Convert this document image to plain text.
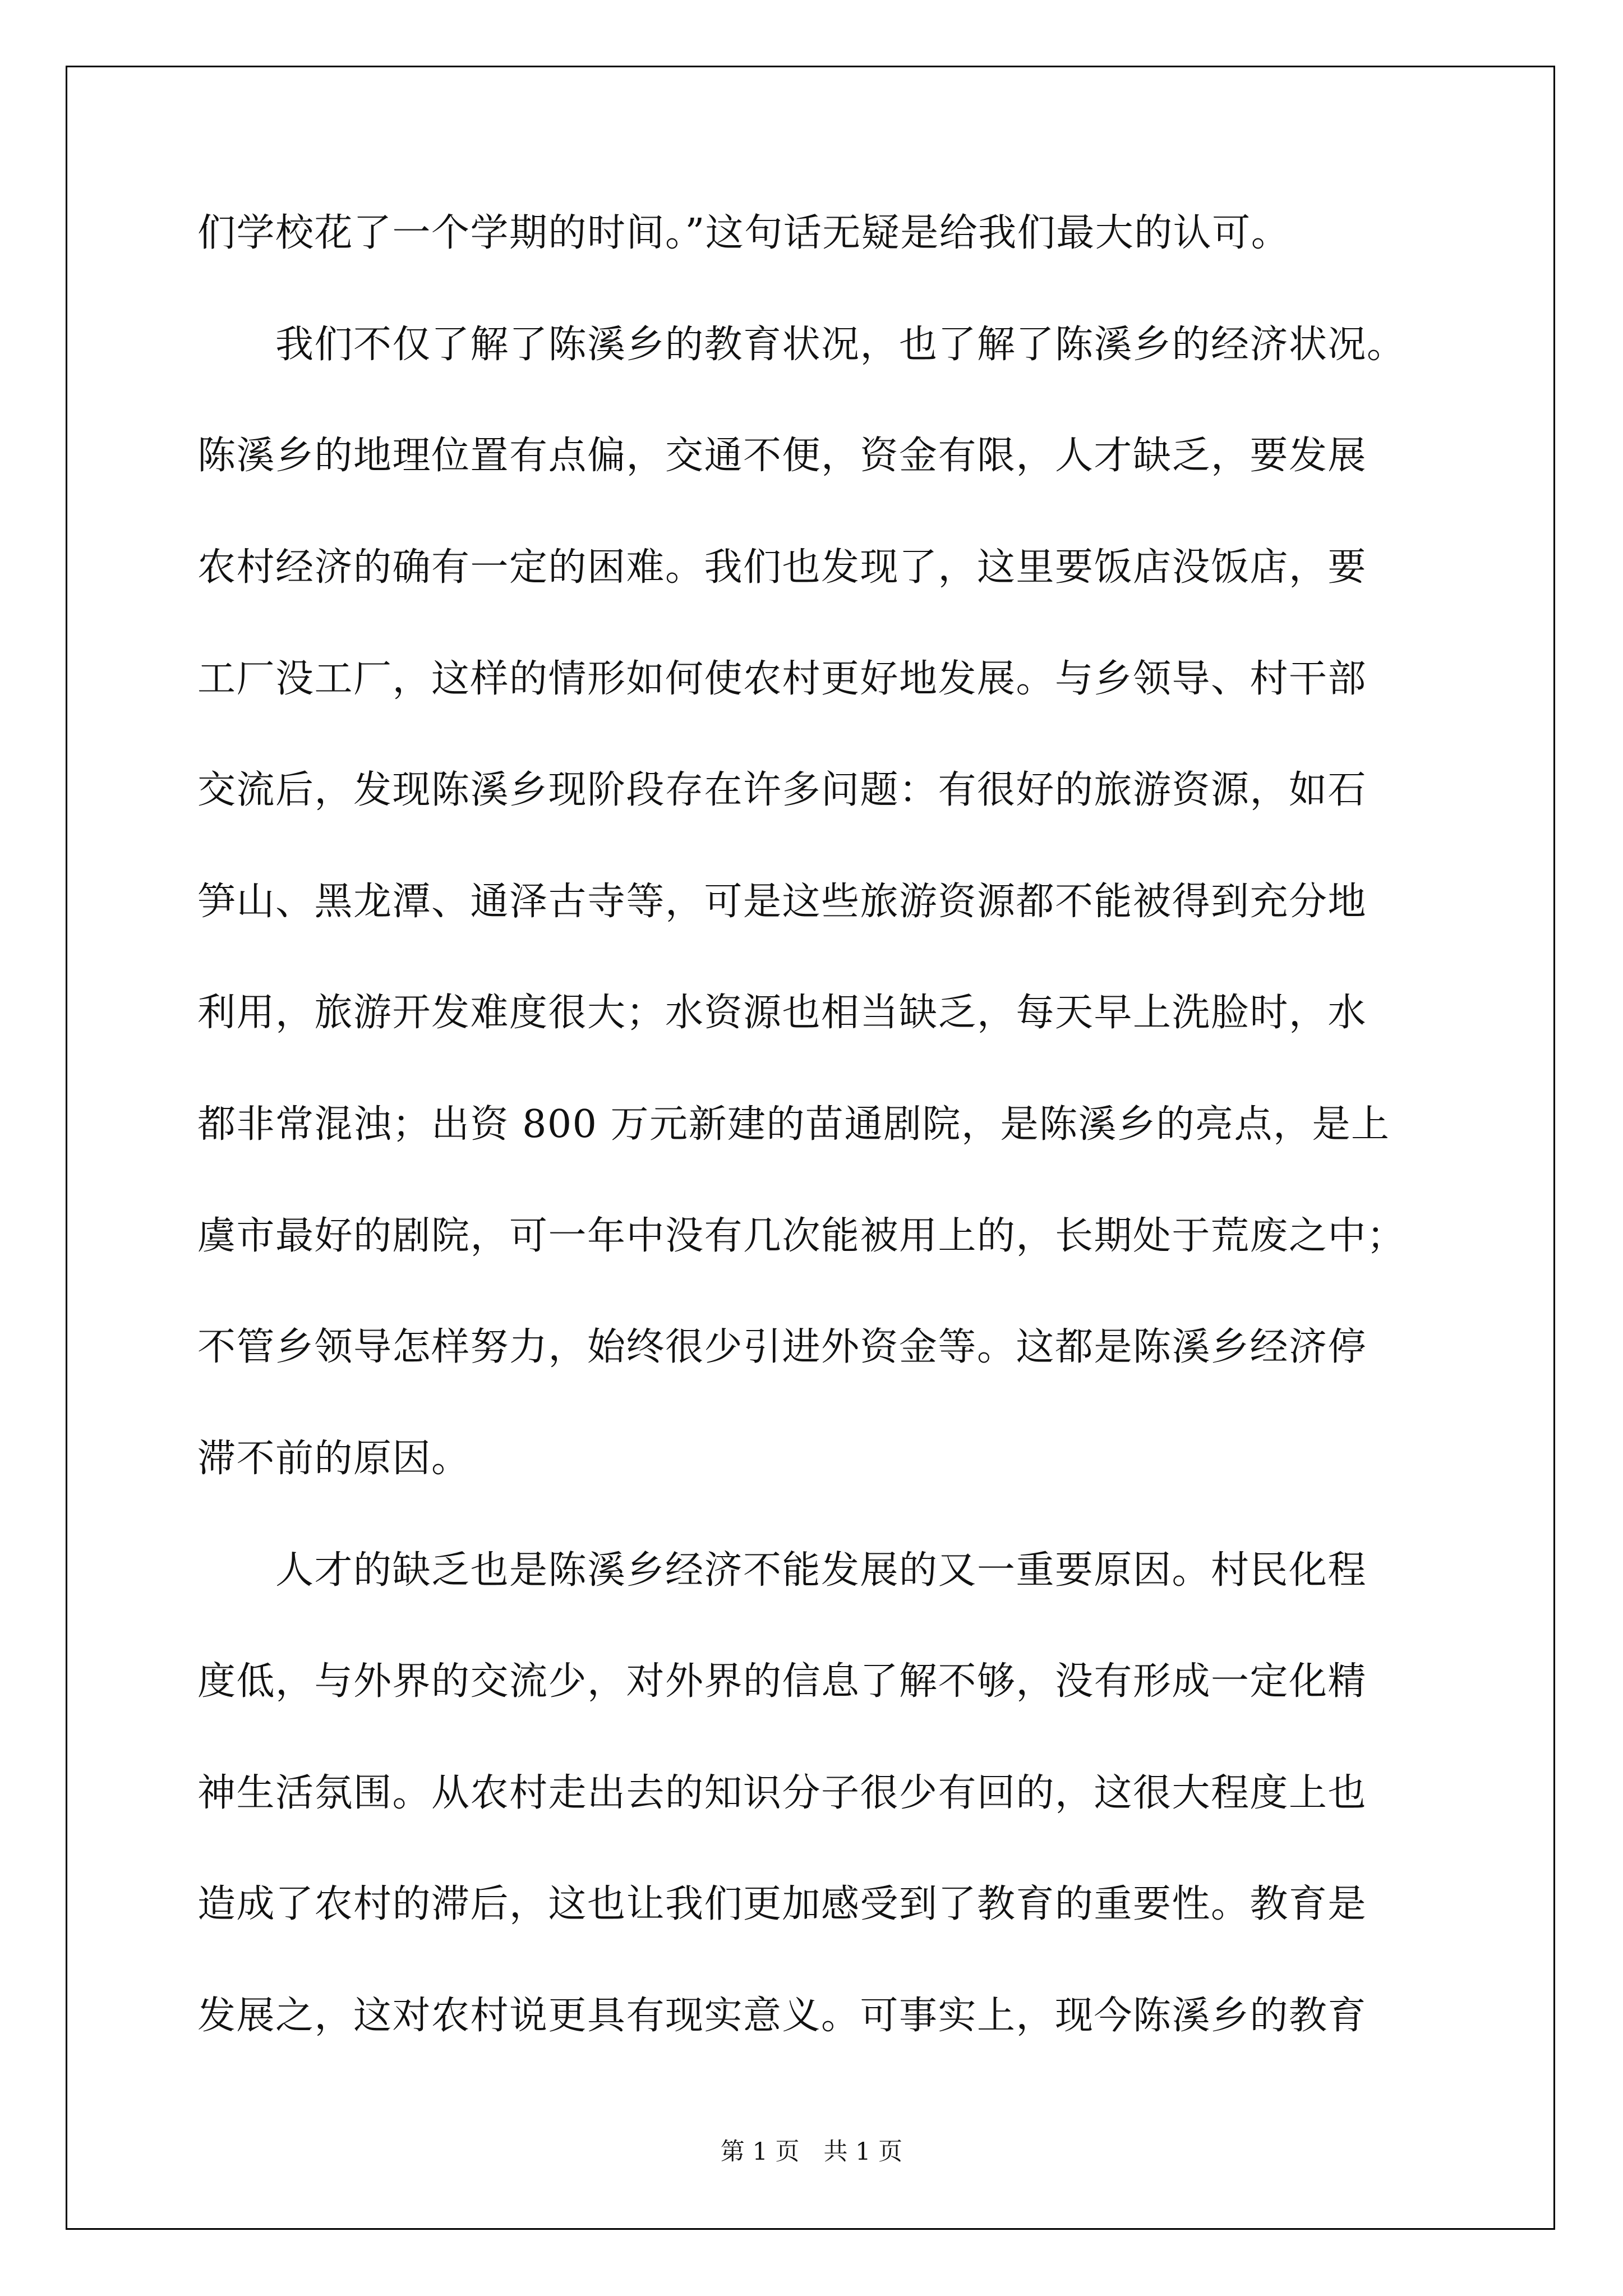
们学校花了一个学期的时间。”这句话无疑是给我们最大的认可。
　　我们不仅了解了陈溪乡的教育状况，也了解了陈溪乡的经济状况。
陈溪乡的地理位置有点偏，交通不便，资金有限，人才缺乏，要发展
农村经济的确有一定的困难。我们也发现了，这里要饭店没饭店，要
工厂没工厂，这样的情形如何使农村更好地发展。与乡领导、村干部
交流后，发现陈溪乡现阶段存在许多问题：有很好的旅游资源，如石
笋山、黑龙潭、通泽古寺等，可是这些旅游资源都不能被得到充分地
利用，旅游开发难度很大；水资源也相当缺乏，每天早上洗脸时，水
都非常混浊；出资 800 万元新建的苗通剧院，是陈溪乡的亮点，是上
虞市最好的剧院，可一年中没有几次能被用上的，长期处于荒废之中；
不管乡领导怎样努力，始终很少引进外资金等。这都是陈溪乡经济停
滞不前的原因。
　　人才的缺乏也是陈溪乡经济不能发展的又一重要原因。村民化程
度低，与外界的交流少，对外界的信息了解不够，没有形成一定化精
神生活氛围。从农村走出去的知识分子很少有回的，这很大程度上也
造成了农村的滞后，这也让我们更加感受到了教育的重要性。教育是
发展之，这对农村说更具有现实意义。可事实上，现今陈溪乡的教育
第 1 页　共 1 页
